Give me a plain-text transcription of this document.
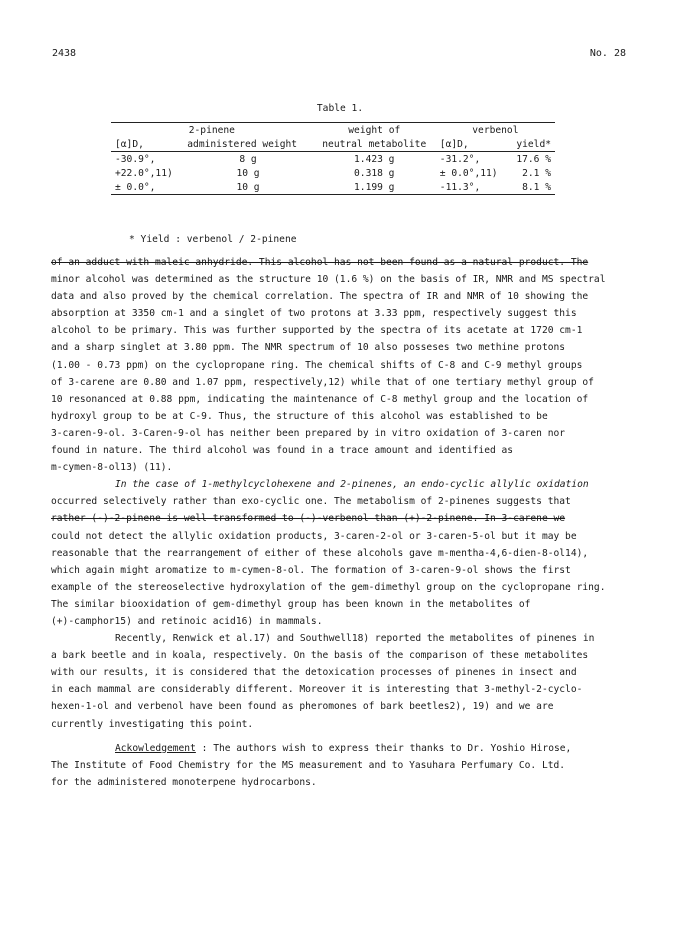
2438	No. 28
Table 1.
2-pinene		weight of	verbenol	
[α]D,	administered weight	neutral metabolite	[α]D,	yield*
-30.9°,	8 g	1.423 g	-31.2°,	17.6 %
+22.0°,11)	10 g	0.318 g	± 0.0°,11)	2.1 %
± 0.0°,	10 g	1.199 g	-11.3°,	8.1 %
* Yield : verbenol / 2-pinene
of an adduct with maleic anhydride. This alcohol has not been found as a natural product. The
minor alcohol was determined as the structure 10 (1.6 %) on the basis of IR, NMR and MS spectral
data and also proved by the chemical correlation. The spectra of IR and NMR of 10 showing the
absorption at 3350 cm-1 and a singlet of two protons at 3.33 ppm, respectively suggest this
alcohol to be primary. This was further supported by the spectra of its acetate at 1720 cm-1
and a sharp singlet at 3.80 ppm. The NMR spectrum of 10 also posseses two methine protons
(1.00 - 0.73 ppm) on the cyclopropane ring. The chemical shifts of C-8 and C-9 methyl groups
of 3-carene are 0.80 and 1.07 ppm, respectively,12) while that of one tertiary methyl group of
10 resonanced at 0.88 ppm, indicating the maintenance of C-8 methyl group and the location of
hydroxyl group to be at C-9. Thus, the structure of this alcohol was established to be
3-caren-9-ol. 3-Caren-9-ol has neither been prepared by in vitro oxidation of 3-caren nor
found in nature. The third alcohol was found in a trace amount and identified as
m-cymen-8-ol13) (11).
In the case of 1-methylcyclohexene and 2-pinenes, an endo-cyclic allylic oxidation
occurred selectively rather than exo-cyclic one. The metabolism of 2-pinenes suggests that
rather (-)-2-pinene is well transformed to (-)-verbenol than (+)-2-pinene. In 3-carene we
could not detect the allylic oxidation products, 3-caren-2-ol or 3-caren-5-ol but it may be
reasonable that the rearrangement of either of these alcohols gave m-mentha-4,6-dien-8-ol14),
which again might aromatize to m-cymen-8-ol. The formation of 3-caren-9-ol shows the first
example of the stereoselective hydroxylation of the gem-dimethyl group on the cyclopropane ring.
The similar biooxidation of gem-dimethyl group has been known in the metabolites of
(+)-camphor15) and retinoic acid16) in mammals.
Recently, Renwick et al.17) and Southwell18) reported the metabolites of pinenes in
a bark beetle and in koala, respectively. On the basis of the comparison of these metabolites
with our results, it is considered that the detoxication processes of pinenes in insect and
in each mammal are considerably different. Moreover it is interesting that 3-methyl-2-cyclo-
hexen-1-ol and verbenol have been found as pheromones of bark beetles2), 19) and we are
currently investigating this point.
Ackowledgement : The authors wish to express their thanks to Dr. Yoshio Hirose,
The Institute of Food Chemistry for the MS measurement and to Yasuhara Perfumary Co. Ltd.
for the administered monoterpene hydrocarbons.
